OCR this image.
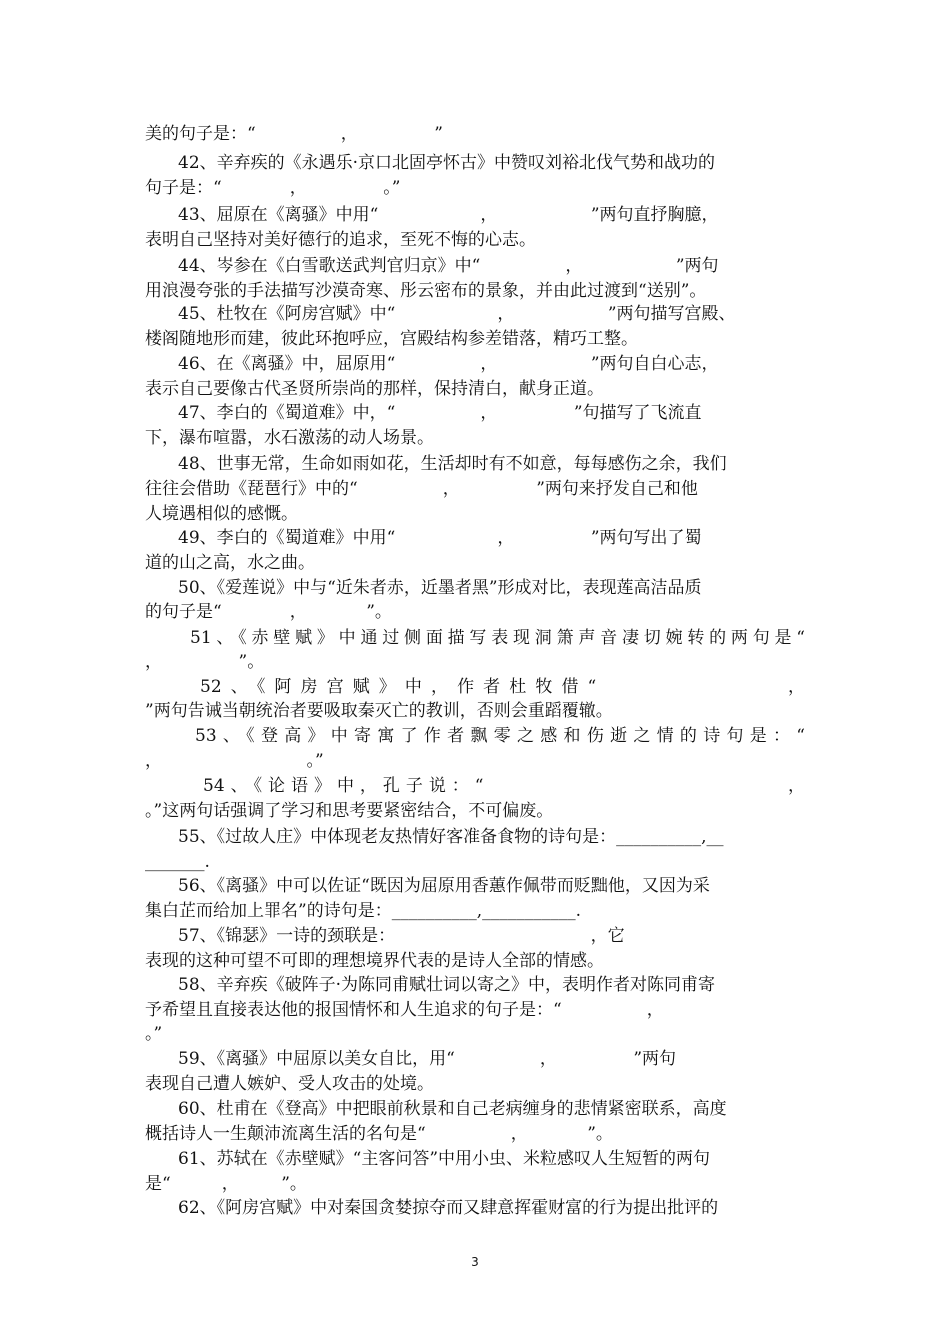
美的句子是：“　　　　　，　　　　　”
42、辛弃疾的《永遇乐·京口北固亭怀古》中赞叹刘裕北伐气势和战功的
句子是：“　　　　，　　　　　。”
43、屈原在《离骚》中用“　　　　　　，　　　　　　”两句直抒胸臆，
表明自己坚持对美好德行的追求，至死不悔的心志。
44、岑参在《白雪歌送武判官归京》中“　　　　　，　　　　　　”两句
用浪漫夸张的手法描写沙漠奇寒、彤云密布的景象，并由此过渡到“送别”。
45、杜牧在《阿房宫赋》中“　　　　　　，　　　　　　”两句描写宫殿、
楼阁随地形而建，彼此环抱呼应，宫殿结构参差错落，精巧工整。
46、在《离骚》中，屈原用“　　　　　，　　　　　　”两句自白心志，
表示自己要像古代圣贤所崇尚的那样，保持清白，献身正道。
47、李白的《蜀道难》中，“　　　　　，　　　　　”句描写了飞流直
下，瀑布喧嚣，水石激荡的动人场景。
48、世事无常，生命如雨如花，生活却时有不如意，每每感伤之余，我们
往往会借助《琵琶行》中的“　　　　　，　　　　　”两句来抒发自己和他
人境遇相似的感慨。
49、李白的《蜀道难》中用“　　　　　　，　　　　　”两句写出了蜀
道的山之高，水之曲。
50、《爱莲说》中与“近朱者赤，近墨者黑”形成对比，表现莲高洁品质
的句子是“　　　　，　　　　”。
51、《赤壁赋》中通过侧面描写表现洞箫声音凄切婉转的两句是“
，　　　　　”。
52、《阿房宫赋》中，作者杜牧借“　　　　　　　，
”两句告诫当朝统治者要吸取秦灭亡的教训，否则会重蹈覆辙。
53、《登高》中寄寓了作者飘零之感和伤逝之情的诗句是：“
，　　　　　　　　　。”
54、《论语》中，孔子说：“　　　　　　　　　　　　　，
。”这两句话强调了学习和思考要紧密结合，不可偏废。
55、《过故人庄》中体现老友热情好客准备食物的诗句是：__________,__
_______.
56、《离骚》中可以佐证“既因为屈原用香蕙作佩带而贬黜他，又因为采
集白芷而给加上罪名”的诗句是：__________,___________.
57、《锦瑟》一诗的颈联是：　　　　　　　　　　　　，它
表现的这种可望不可即的理想境界代表的是诗人全部的情感。
58、辛弃疾《破阵子·为陈同甫赋壮词以寄之》中，表明作者对陈同甫寄
予希望且直接表达他的报国情怀和人生追求的句子是：“　　　　　，
。”
59、《离骚》中屈原以美女自比，用“　　　　　，　　　　　”两句
表现自己遭人嫉妒、受人攻击的处境。
60、杜甫在《登高》中把眼前秋景和自己老病缠身的悲情紧密联系，高度
概括诗人一生颠沛流离生活的名句是“　　　　　，　　　　”。
61、苏轼在《赤壁赋》“主客问答”中用小虫、米粒感叹人生短暂的两句
是“　　　，　　　”。
62、《阿房宫赋》中对秦国贪婪掠夺而又肆意挥霍财富的行为提出批评的
3
